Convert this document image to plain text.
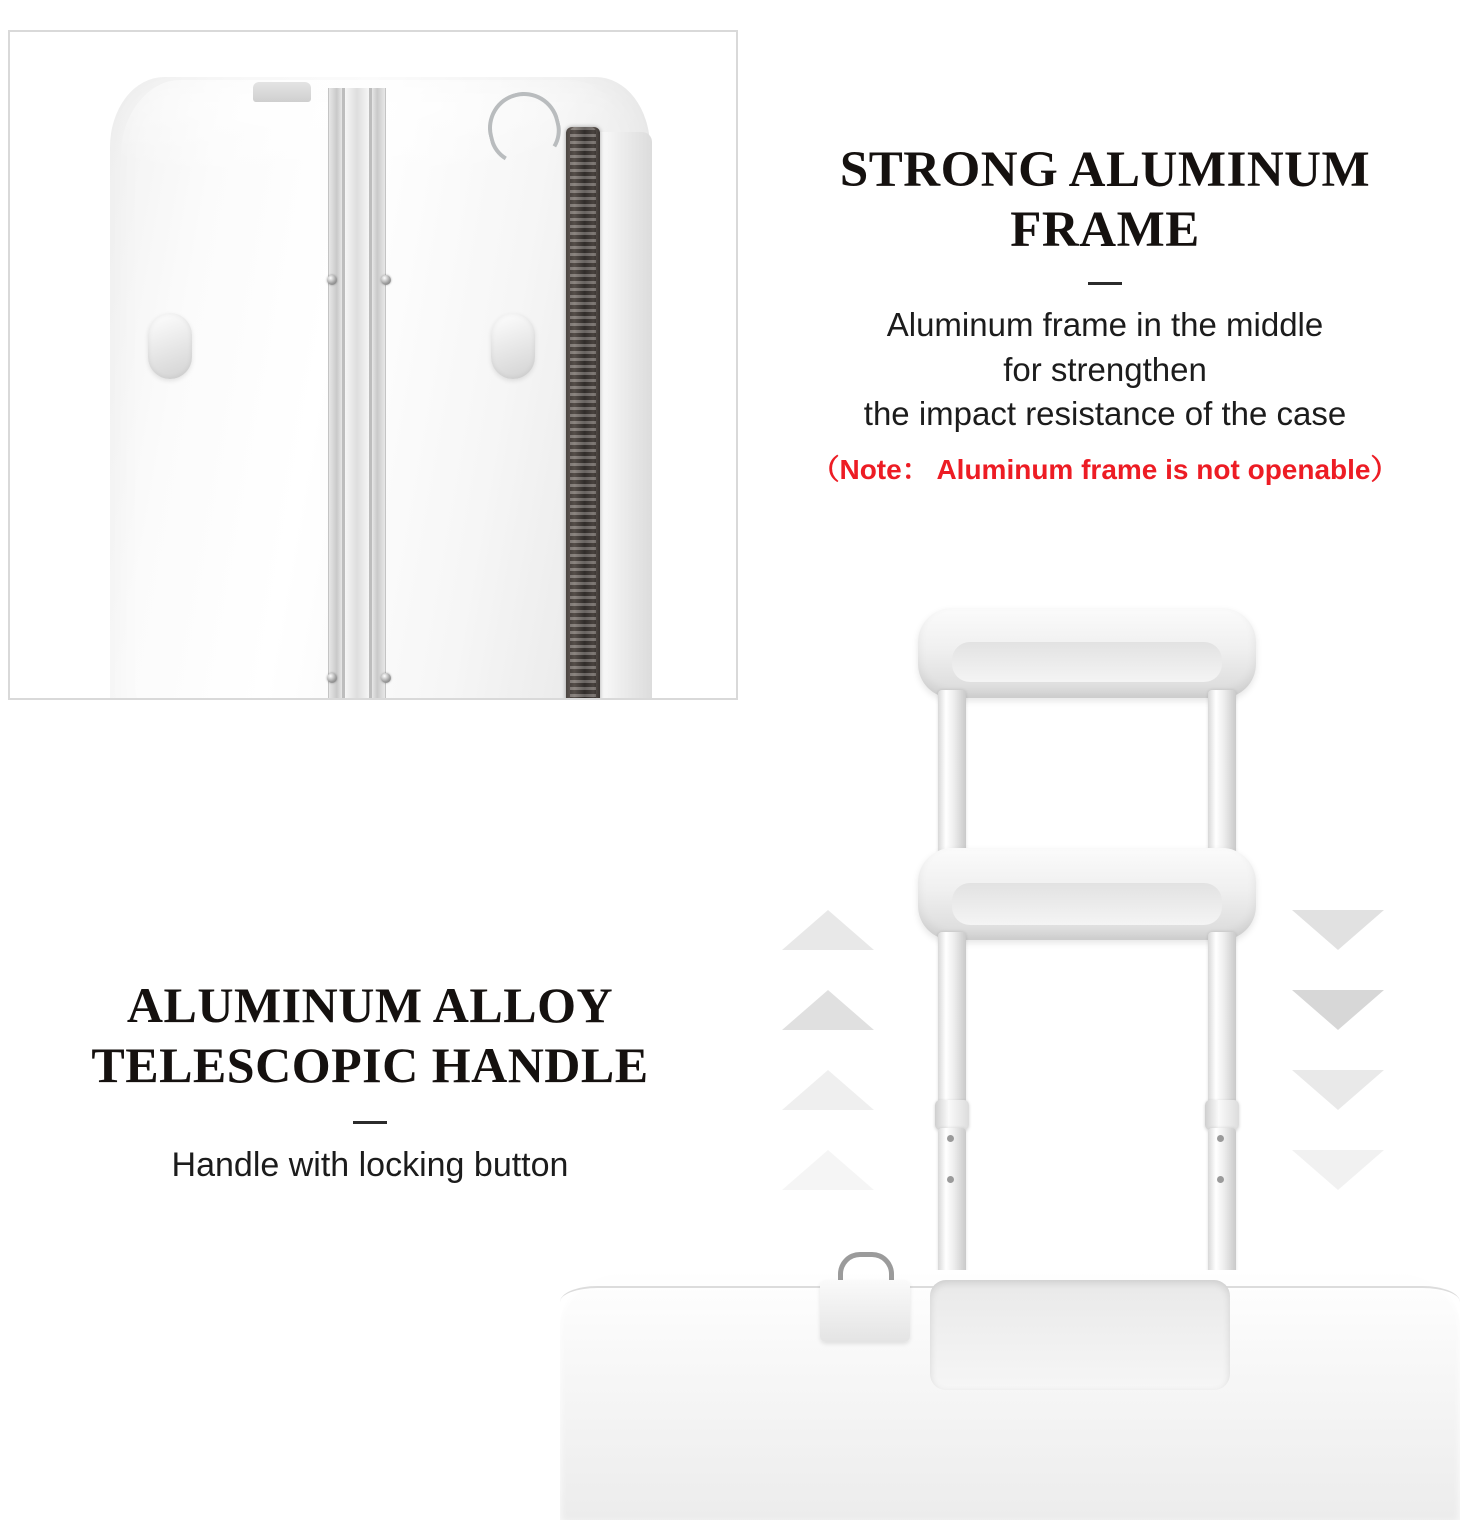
STRONG ALUMINUM FRAME
Aluminum frame in the middle
for strengthen
the impact resistance of the case
（Note： Aluminum frame is not openable）
ALUMINUM ALLOY TELESCOPIC HANDLE
Handle with locking button
